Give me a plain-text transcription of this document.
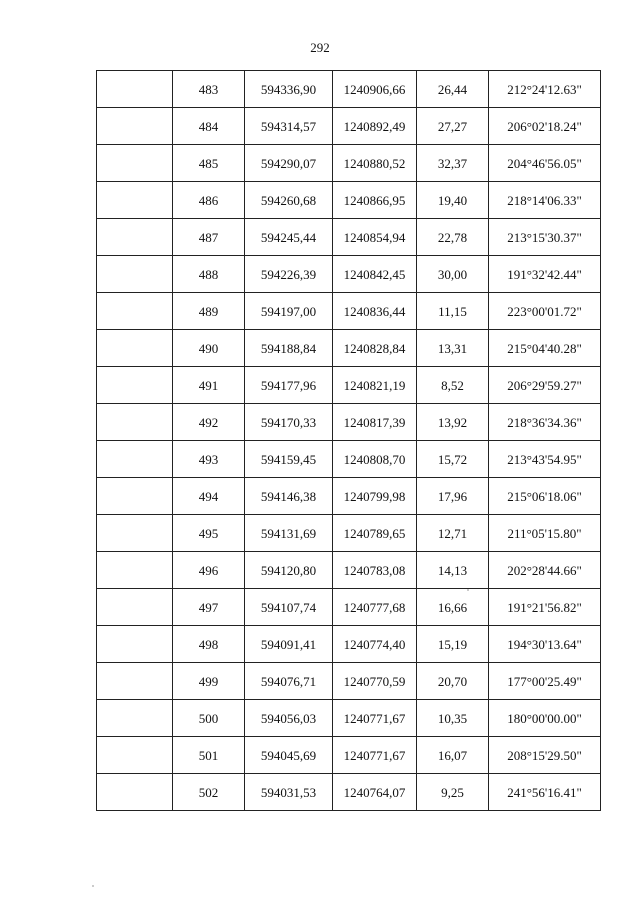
292

	483	594336,90	1240906,66	26,44	212°24'12.63"

	484	594314,57	1240892,49	27,27	206°02'18.24"

	485	594290,07	1240880,52	32,37	204°46'56.05"

	486	594260,68	1240866,95	19,40	218°14'06.33"

	487	594245,44	1240854,94	22,78	213°15'30.37"

	488	594226,39	1240842,45	30,00	191°32'42.44"

	489	594197,00	1240836,44	11,15	223°00'01.72"

	490	594188,84	1240828,84	13,31	215°04'40.28"

	491	594177,96	1240821,19	8,52	206°29'59.27"

	492	594170,33	1240817,39	13,92	218°36'34.36"

	493	594159,45	1240808,70	15,72	213°43'54.95"

	494	594146,38	1240799,98	17,96	215°06'18.06"

	495	594131,69	1240789,65	12,71	211°05'15.80"

	496	594120,80	1240783,08	14,13	202°28'44.66"

	497	594107,74	1240777,68	16,66	191°21'56.82"

	498	594091,41	1240774,40	15,19	194°30'13.64"

	499	594076,71	1240770,59	20,70	177°00'25.49"

	500	594056,03	1240771,67	10,35	180°00'00.00"

	501	594045,69	1240771,67	16,07	208°15'29.50"

	502	594031,53	1240764,07	9,25	241°56'16.41"
